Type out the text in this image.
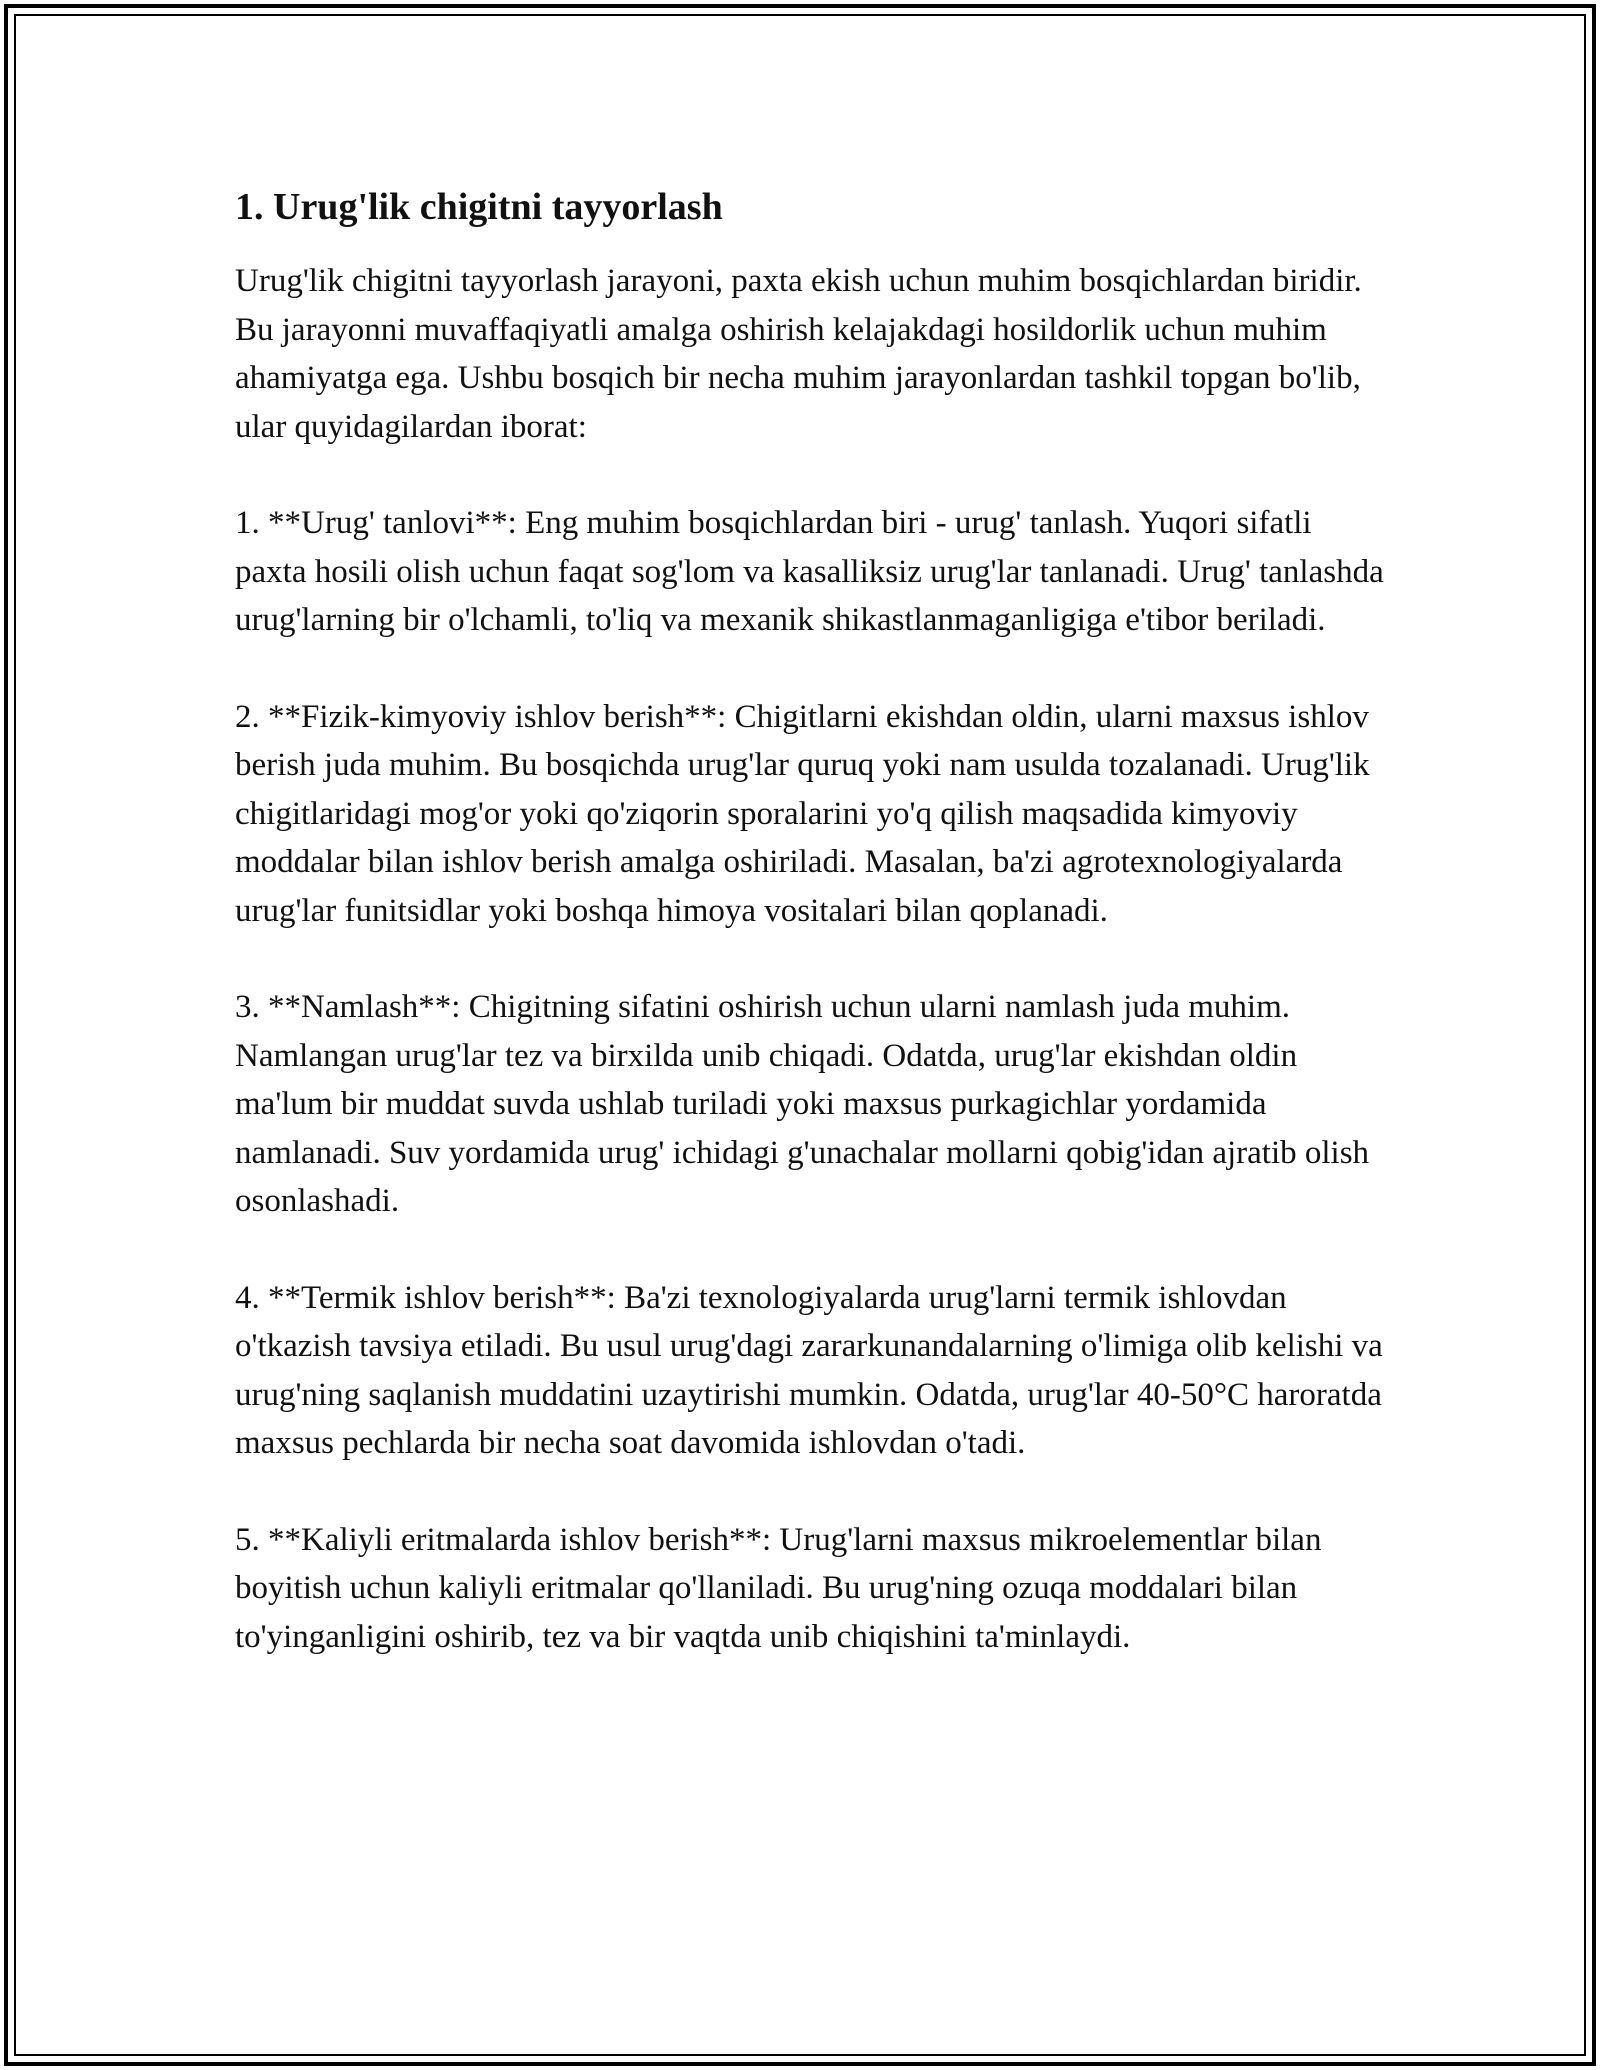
1. Urug'lik chigitni tayyorlash

Urug'lik chigitni tayyorlash jarayoni, paxta ekish uchun muhim bosqichlardan biridir. Bu jarayonni muvaffaqiyatli amalga oshirish kelajakdagi hosildorlik uchun muhim ahamiyatga ega. Ushbu bosqich bir necha muhim jarayonlardan tashkil topgan bo'lib, ular quyidagilardan iborat:

1. **Urug' tanlovi**: Eng muhim bosqichlardan biri - urug' tanlash. Yuqori sifatli paxta hosili olish uchun faqat sog'lom va kasalliksiz urug'lar tanlanadi. Urug' tanlashda urug'larning bir o'lchamli, to'liq va mexanik shikastlanmaganligiga e'tibor beriladi.

2. **Fizik-kimyoviy ishlov berish**: Chigitlarni ekishdan oldin, ularni maxsus ishlov berish juda muhim. Bu bosqichda urug'lar quruq yoki nam usulda tozalanadi. Urug'lik chigitlaridagi mog'or yoki qo'ziqorin sporalarini yo'q qilish maqsadida kimyoviy moddalar bilan ishlov berish amalga oshiriladi. Masalan, ba'zi agrotexnologiyalarda urug'lar funitsidlar yoki boshqa himoya vositalari bilan qoplanadi.

3. **Namlash**: Chigitning sifatini oshirish uchun ularni namlash juda muhim. Namlangan urug'lar tez va birxilda unib chiqadi. Odatda, urug'lar ekishdan oldin ma'lum bir muddat suvda ushlab turiladi yoki maxsus purkagichlar yordamida namlanadi. Suv yordamida urug' ichidagi g'unachalar mollarni qobig'idan ajratib olish osonlashadi.

4. **Termik ishlov berish**: Ba'zi texnologiyalarda urug'larni termik ishlovdan o'tkazish tavsiya etiladi. Bu usul urug'dagi zararkunandalarning o'limiga olib kelishi va urug'ning saqlanish muddatini uzaytirishi mumkin. Odatda, urug'lar 40-50°C haroratda maxsus pechlarda bir necha soat davomida ishlovdan o'tadi.

5. **Kaliyli eritmalarda ishlov berish**: Urug'larni maxsus mikroelementlar bilan boyitish uchun kaliyli eritmalar qo'llaniladi. Bu urug'ning ozuqa moddalari bilan to'yinganligini oshirib, tez va bir vaqtda unib chiqishini ta'minlaydi.
